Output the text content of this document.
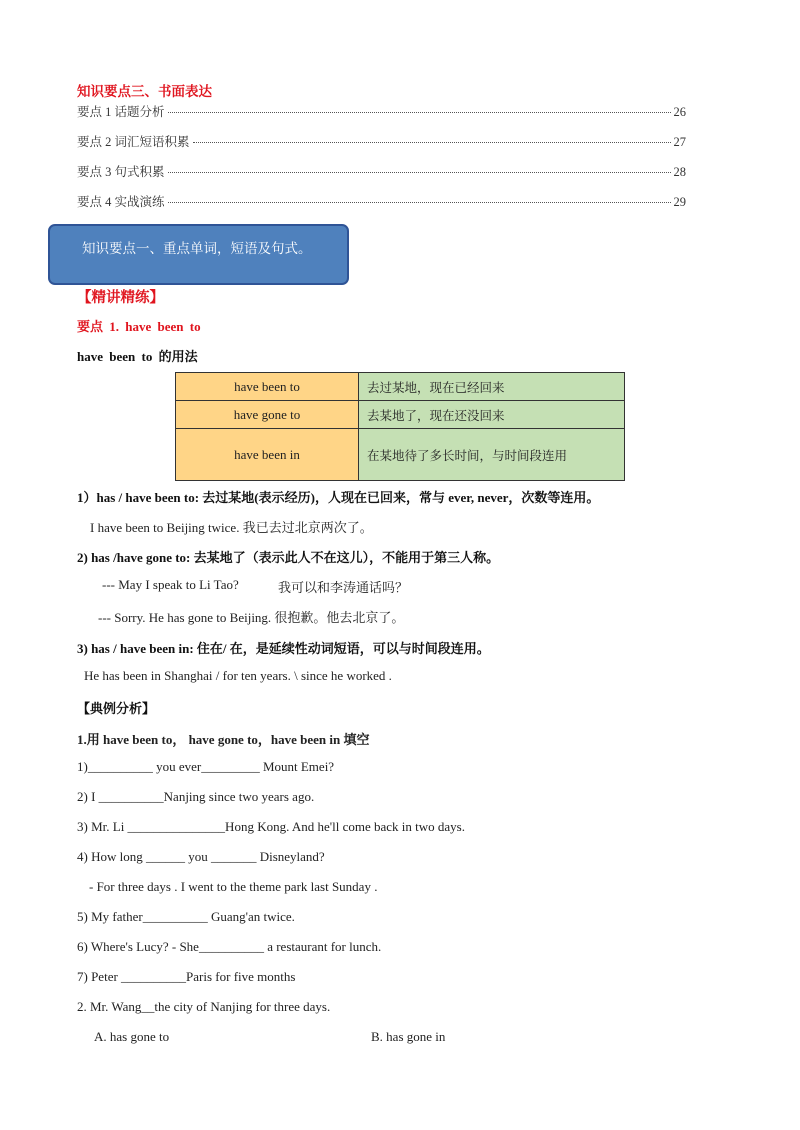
知识要点三、书面表达
要点 1 话题分析	26
要点 2 词汇短语积累	27
要点 3 句式积累	28
要点 4 实战演练	29
知识要点一、重点单词，短语及句式。
【精讲精练】
要点 1. have been to
have been to 的用法
have been to	去过某地，现在已经回来
have gone to	去某地了，现在还没回来
have been in	在某地待了多长时间，与时间段连用
1）has / have been to: 去过某地(表示经历)，人现在已回来，常与 ever, never，次数等连用。
I have been to Beijing twice. 我已去过北京两次了。
2) has /have gone to: 去某地了（表示此人不在这儿），不能用于第三人称。
--- May I speak to Li Tao?	我可以和李涛通话吗？
--- Sorry. He has gone to Beijing. 很抱歉。他去北京了。
3) has / have been in: 住在/ 在，是延续性动词短语，可以与时间段连用。
He has been in Shanghai / for ten years. \ since he worked .
【典例分析】
1.用 have been to， have gone to，have been in 填空
1)__________ you ever_________ Mount Emei?
2) I __________Nanjing since two years ago.
3) Mr. Li _______________Hong Kong. And he'll come back in two days.
4) How long ______ you _______ Disneyland?
- For three days . I went to the theme park last Sunday .
5) My father__________ Guang'an twice.
6) Where's Lucy? - She__________ a restaurant for lunch.
7) Peter __________Paris for five months
2. Mr. Wang__the city of Nanjing for three days.
A. has gone to	B. has gone in
